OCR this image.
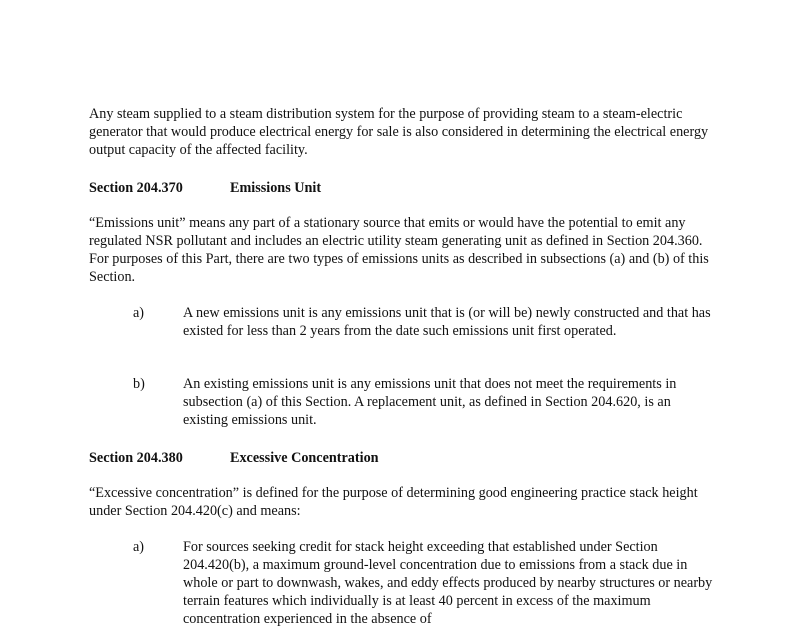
Any steam supplied to a steam distribution system for the purpose of providing steam to a steam-electric generator that would produce electrical energy for sale is also considered in determining the electrical energy output capacity of the affected facility.

Section 204.370	Emissions Unit

“Emissions unit” means any part of a stationary source that emits or would have the potential to emit any regulated NSR pollutant and includes an electric utility steam generating unit as defined in Section 204.360. For purposes of this Part, there are two types of emissions units as described in subsections (a) and (b) of this Section.

a)	A new emissions unit is any emissions unit that is (or will be) newly constructed and that has existed for less than 2 years from the date such emissions unit first operated.

b)	An existing emissions unit is any emissions unit that does not meet the requirements in subsection (a) of this Section. A replacement unit, as defined in Section 204.620, is an existing emissions unit.

Section 204.380	Excessive Concentration

“Excessive concentration” is defined for the purpose of determining good engineering practice stack height under Section 204.420(c) and means:

a)	For sources seeking credit for stack height exceeding that established under Section 204.420(b), a maximum ground-level concentration due to emissions from a stack due in whole or part to downwash, wakes, and eddy effects produced by nearby structures or nearby terrain features which individually is at least 40 percent in excess of the maximum concentration experienced in the absence of
